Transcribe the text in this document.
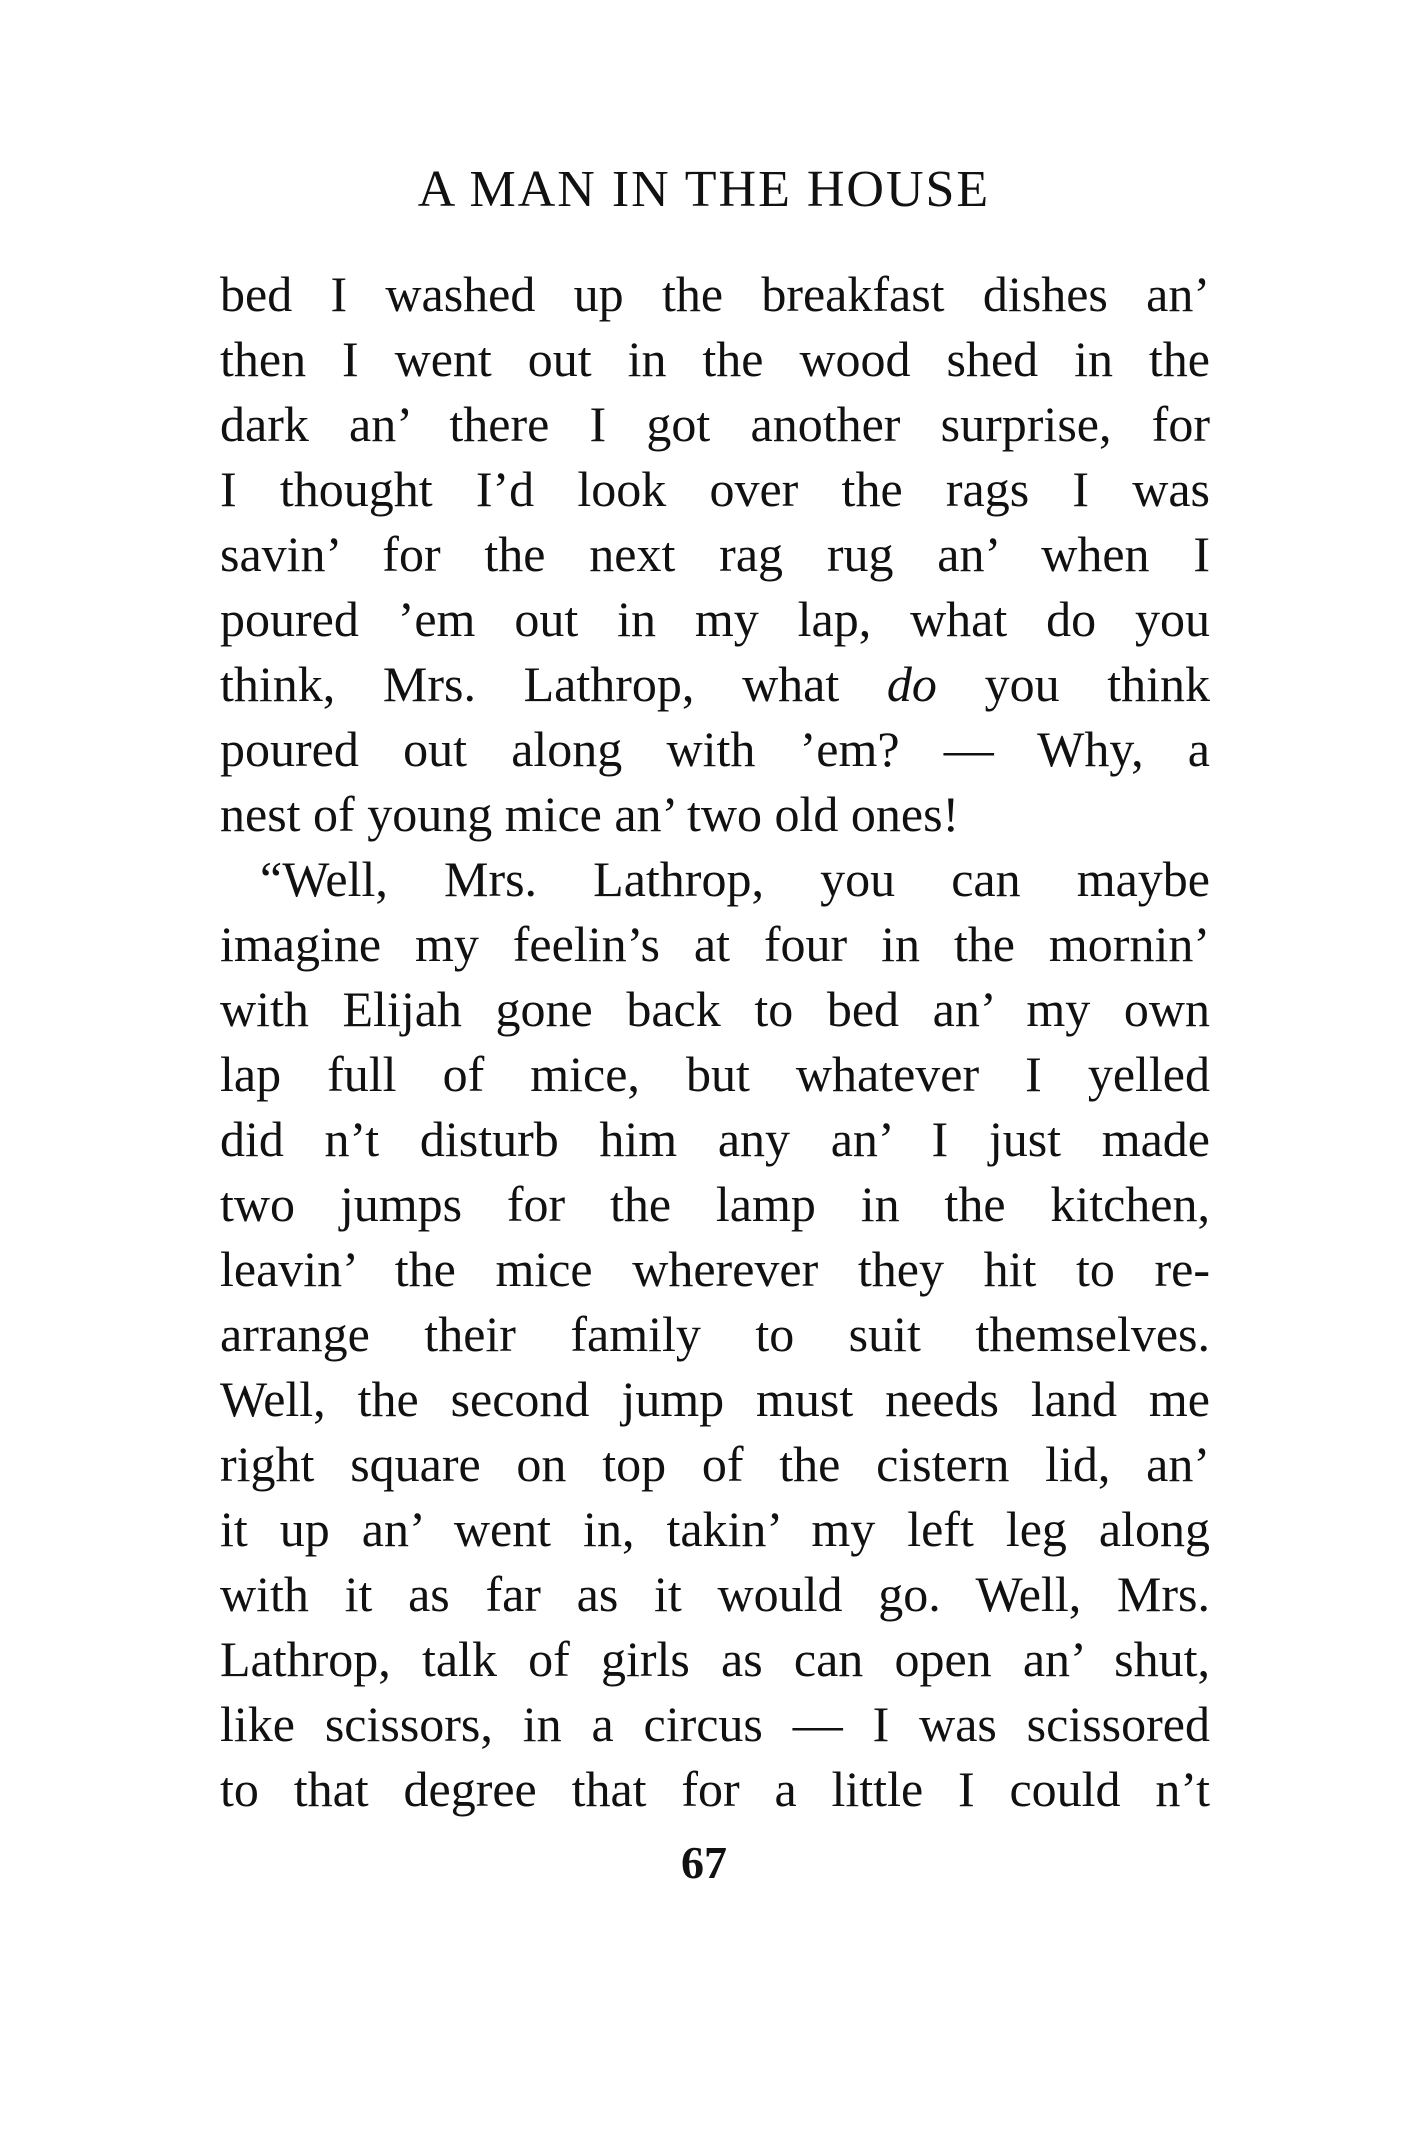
A MAN IN THE HOUSE
bed I washed up the breakfast dishes an’
then I went out in the wood shed in the
dark an’ there I got another surprise, for
I thought I’d look over the rags I was
savin’ for the next rag rug an’ when I
poured ’em out in my lap, what do you
think, Mrs. Lathrop, what do you think
poured out along with ’em? — Why, a
nest of young mice an’ two old ones!
“Well, Mrs. Lathrop, you can maybe
imagine my feelin’s at four in the mornin’
with Elijah gone back to bed an’ my own
lap full of mice, but whatever I yelled
did n’t disturb him any an’ I just made
two jumps for the lamp in the kitchen,
leavin’ the mice wherever they hit to re-
arrange their family to suit themselves.
Well, the second jump must needs land me
right square on top of the cistern lid, an’
it up an’ went in, takin’ my left leg along
with it as far as it would go. Well, Mrs.
Lathrop, talk of girls as can open an’ shut,
like scissors, in a circus — I was scissored
to that degree that for a little I could n’t
67
